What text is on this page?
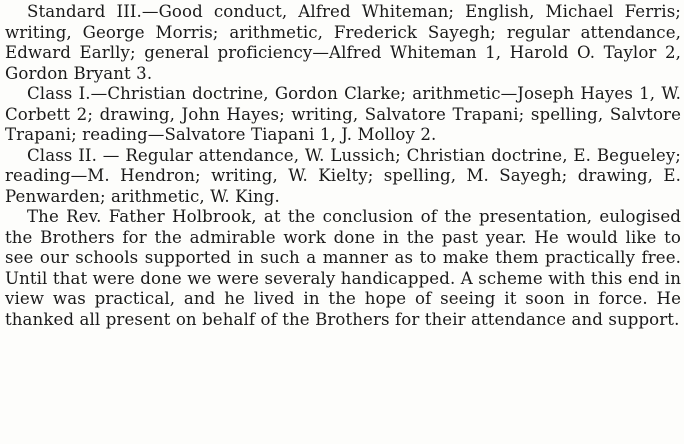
Standard III.—Good conduct, Alfred Whiteman; English, Michael Ferris; writing, George Morris; arithmetic, Frederick Sayegh; regular attendance, Edward Earlly; general proficiency—Alfred Whiteman 1, Harold O. Taylor 2, Gordon Bryant 3.

Class I.—Christian doctrine, Gordon Clarke; arithmetic—Joseph Hayes 1, W. Corbett 2; drawing, John Hayes; writing, Salvatore Trapani; spelling, Salvtore Trapani; reading—Salvatore Tiapani 1, J. Molloy 2.

Class II. — Regular attendance, W. Lussich; Christian doctrine, E. Begueley; reading—M. Hendron; writing, W. Kielty; spelling, M. Sayegh; drawing, E. Penwarden; arithmetic, W. King.

The Rev. Father Holbrook, at the conclusion of the presentation, eulogised the Brothers for the admirable work done in the past year. He would like to see our schools supported in such a manner as to make them practically free. Until that were done we were severaly handicapped. A scheme with this end in view was practical, and he lived in the hope of seeing it soon in force. He thanked all present on behalf of the Brothers for their attendance and support.
